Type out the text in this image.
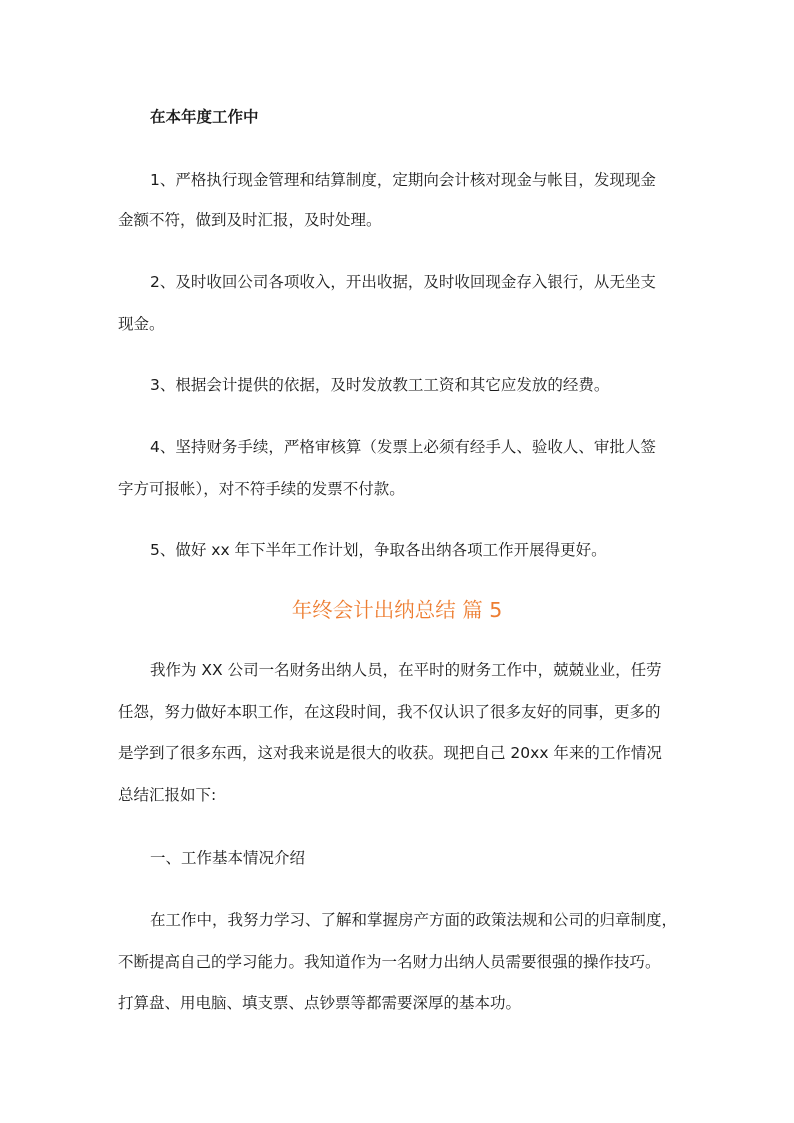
在本年度工作中
1、严格执行现金管理和结算制度，定期向会计核对现金与帐目，发现现金
金额不符，做到及时汇报，及时处理。
2、及时收回公司各项收入，开出收据，及时收回现金存入银行，从无坐支
现金。
3、根据会计提供的依据，及时发放教工工资和其它应发放的经费。
4、坚持财务手续，严格审核算（发票上必须有经手人、验收人、审批人签
字方可报帐），对不符手续的发票不付款。
5、做好 xx 年下半年工作计划，争取各出纳各项工作开展得更好。
年终会计出纳总结 篇 5
我作为 XX 公司一名财务出纳人员，在平时的财务工作中，兢兢业业，任劳
任怨，努力做好本职工作，在这段时间，我不仅认识了很多友好的同事，更多的
是学到了很多东西，这对我来说是很大的收获。现把自己 20xx 年来的工作情况
总结汇报如下:
一、工作基本情况介绍
在工作中，我努力学习、了解和掌握房产方面的政策法规和公司的归章制度，
不断提高自己的学习能力。我知道作为一名财力出纳人员需要很强的操作技巧。
打算盘、用电脑、填支票、点钞票等都需要深厚的基本功。
